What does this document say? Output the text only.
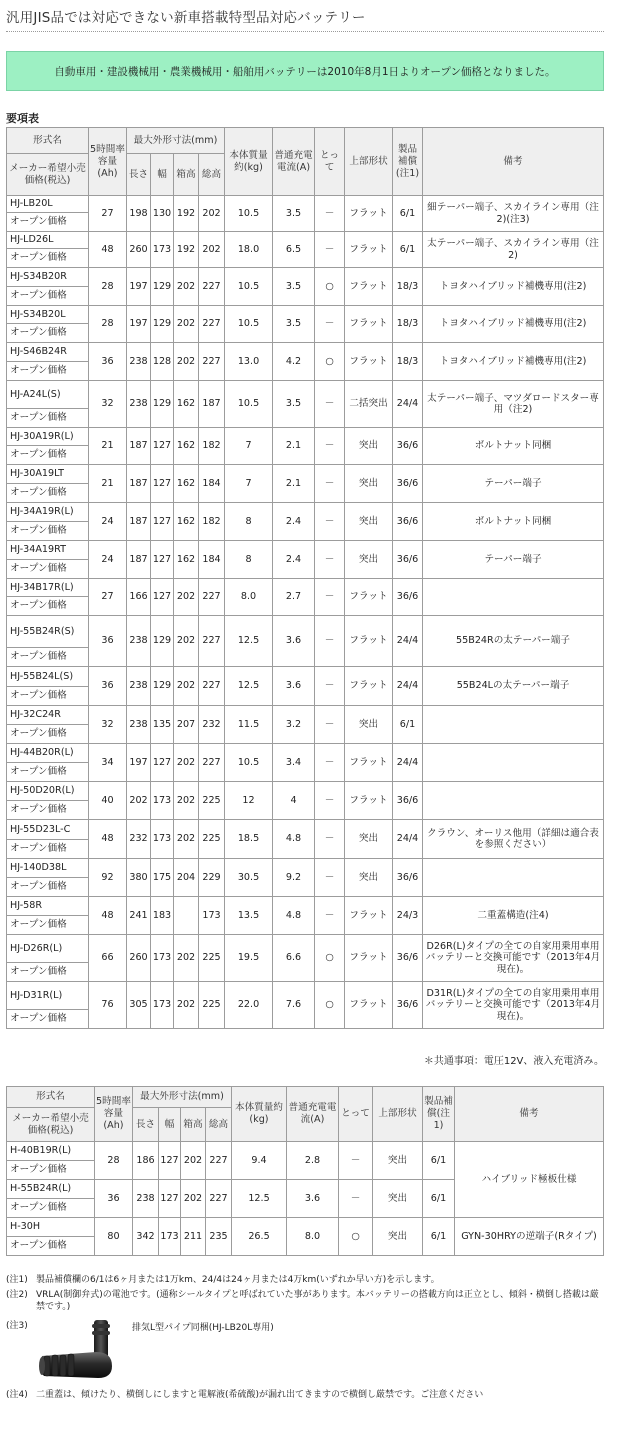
汎用JIS品では対応できない新車搭載特型品対応バッテリー
自動車用・建設機械用・農業機械用・船舶用バッテリーは2010年8月1日よりオープン価格となりました。
要項表
形式名	5時間率容量(Ah)	最大外形寸法(mm)				本体質量約(kg)	普通充電電流(A)	とって	上部形状	製品補償(注1)	備考
メーカー希望小売価格(税込)		長さ	幅	箱高	総高						
HJ-LB20L	27	198	130	192	202	10.5	3.5	－	フラット	6/1	細テーパー端子、スカイライン専用（注2)(注3)
オープン価格											
HJ-LD26L	48	260	173	192	202	18.0	6.5	－	フラット	6/1	太テーパー端子、スカイライン専用（注2)
オープン価格											
HJ-S34B20R	28	197	129	202	227	10.5	3.5	○	フラット	18/3	トヨタハイブリッド補機専用(注2)
オープン価格											
HJ-S34B20L	28	197	129	202	227	10.5	3.5	－	フラット	18/3	トヨタハイブリッド補機専用(注2)
オープン価格											
HJ-S46B24R	36	238	128	202	227	13.0	4.2	○	フラット	18/3	トヨタハイブリッド補機専用(注2)
オープン価格											
HJ-A24L(S)	32	238	129	162	187	10.5	3.5	－	二括突出	24/4	太テーパー端子、マツダロードスター専用（注2)
オープン価格											
HJ-30A19R(L)	21	187	127	162	182	7	2.1	－	突出	36/6	ボルトナット同梱
オープン価格											
HJ-30A19LT	21	187	127	162	184	7	2.1	－	突出	36/6	テーパー端子
オープン価格											
HJ-34A19R(L)	24	187	127	162	182	8	2.4	－	突出	36/6	ボルトナット同梱
オープン価格											
HJ-34A19RT	24	187	127	162	184	8	2.4	－	突出	36/6	テーパー端子
オープン価格											
HJ-34B17R(L)	27	166	127	202	227	8.0	2.7	－	フラット	36/6	
オープン価格											
HJ-55B24R(S)	36	238	129	202	227	12.5	3.6	－	フラット	24/4	55B24Rの太テーパー端子
オープン価格											
HJ-55B24L(S)	36	238	129	202	227	12.5	3.6	－	フラット	24/4	55B24Lの太テーパー端子
オープン価格											
HJ-32C24R	32	238	135	207	232	11.5	3.2	－	突出	6/1	
オープン価格											
HJ-44B20R(L)	34	197	127	202	227	10.5	3.4	－	フラット	24/4	
オープン価格											
HJ-50D20R(L)	40	202	173	202	225	12	4	－	フラット	36/6	
オープン価格											
HJ-55D23L-C	48	232	173	202	225	18.5	4.8	－	突出	24/4	クラウン、オーリス他用（詳細は適合表を参照ください）
オープン価格											
HJ-140D38L	92	380	175	204	229	30.5	9.2	－	突出	36/6	
オープン価格											
HJ-58R	48	241	183		173	13.5	4.8	－	フラット	24/3	二重蓋構造(注4)
オープン価格											
HJ-D26R(L)	66	260	173	202	225	19.5	6.6	○	フラット	36/6	D26R(L)タイプの全ての自家用乗用車用バッテリーと交換可能です（2013年4月現在)。
オープン価格											
HJ-D31R(L)	76	305	173	202	225	22.0	7.6	○	フラット	36/6	D31R(L)タイプの全ての自家用乗用車用バッテリーと交換可能です（2013年4月現在)。
オープン価格											
＊共通事項：電圧12V、液入充電済み。
形式名	5時間率容量(Ah)	最大外形寸法(mm)				本体質量約(kg)	普通充電電流(A)	とって	上部形状	製品補償(注1)	備考
メーカー希望小売価格(税込)		長さ	幅	箱高	総高						
H-40B19R(L)	28	186	127	202	227	9.4	2.8	－	突出	6/1	ハイブリッド極板仕様
オープン価格											
H-55B24R(L)	36	238	127	202	227	12.5	3.6	－	突出	6/1	
オープン価格											
H-30H	80	342	173	211	235	26.5	8.0	○	突出	6/1	GYN-30HRYの逆端子(Rタイプ)
オープン価格											
(注1) 製品補償欄の6/1は6ヶ月または1万km、24/4は24ヶ月または4万km(いずれか早い方)を示します。
(注2) VRLA(制御弁式)の電池です。(通称シールタイプと呼ばれていた事があります。本バッテリーの搭載方向は正立とし、傾斜・横倒し搭載は厳禁です。)
(注3)	排気L型パイプ同梱(HJ-LB20L専用)
(注4) 二重蓋は、傾けたり、横倒しにしますと電解液(希硫酸)が漏れ出てきますので横倒し厳禁です。ご注意ください
